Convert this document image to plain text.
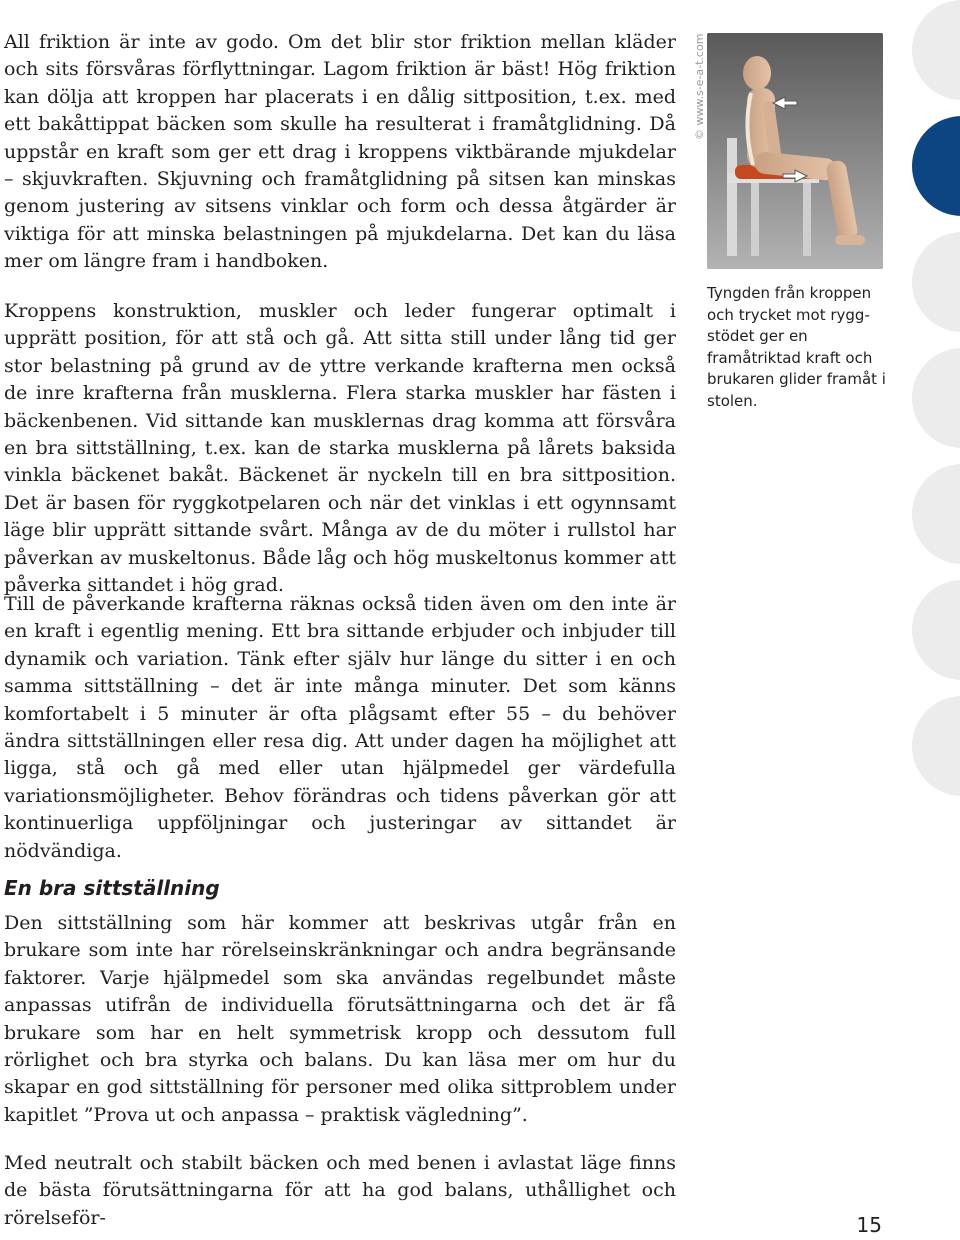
All friktion är inte av godo. Om det blir stor friktion mellan kläder och sits försvåras förflyttningar. Lagom friktion är bäst! Hög friktion kan dölja att kroppen har placerats i en dålig sittposition, t.ex. med ett bakåttippat bäcken som skulle ha resulterat i framåtglidning. Då uppstår en kraft som ger ett drag i kroppens viktbärande mjukdelar – skjuvkraften. Skjuvning och framåtglidning på sitsen kan minskas genom justering av sitsens vinklar och form och dessa åtgärder är viktiga för att minska belastningen på mjukdelarna. Det kan du läsa mer om längre fram i handboken.

Kroppens konstruktion, muskler och leder fungerar optimalt i upprätt position, för att stå och gå. Att sitta still under lång tid ger stor belastning på grund av de yttre verkande krafterna men också de inre krafterna från musklerna. Flera starka muskler har fästen i bäckenbenen. Vid sittande kan musklernas drag komma att försvåra en bra sittställning, t.ex. kan de starka musklerna på lårets baksida vinkla bäckenet bakåt. Bäckenet är nyckeln till en bra sittposition. Det är basen för ryggkotpelaren och när det vinklas i ett ogynnsamt läge blir upprätt sittande svårt. Många av de du möter i rullstol har påverkan av muskeltonus. Både låg och hög muskeltonus kommer att påverka sittandet i hög grad.

Till de påverkande krafterna räknas också tiden även om den inte är en kraft i egentlig mening. Ett bra sittande erbjuder och inbjuder till dynamik och variation. Tänk efter själv hur länge du sitter i en och samma sittställning – det är inte många minuter. Det som känns komfortabelt i 5 minuter är ofta plågsamt efter 55 – du behöver ändra sittställningen eller resa dig. Att under dagen ha möjlighet att ligga, stå och gå med eller utan hjälpmedel ger värdefulla variationsmöjligheter. Behov förändras och tidens påverkan gör att kontinuerliga uppföljningar och justeringar av sittandet är nödvändiga.

En bra sittställning

Den sittställning som här kommer att beskrivas utgår från en brukare som inte har rörelseinskränkningar och andra begränsande faktorer. Varje hjälpmedel som ska användas regelbundet måste anpassas utifrån de individuella förutsättningarna och det är få brukare som har en helt symmetrisk kropp och dessutom full rörlighet och bra styrka och balans. Du kan läsa mer om hur du skapar en god sittställning för personer med olika sittproblem under kapitlet ”Prova ut och anpassa – praktisk vägledning”.

Med neutralt och stabilt bäcken och med benen i avlastat läge finns de bästa förutsättningarna för att ha god balans, uthållighet och rörelseför-

© www.s-e-a-t.com

Tyngden från kroppen och trycket mot ryggstödet ger en framåtriktad kraft och brukaren glider framåt i stolen.

15
